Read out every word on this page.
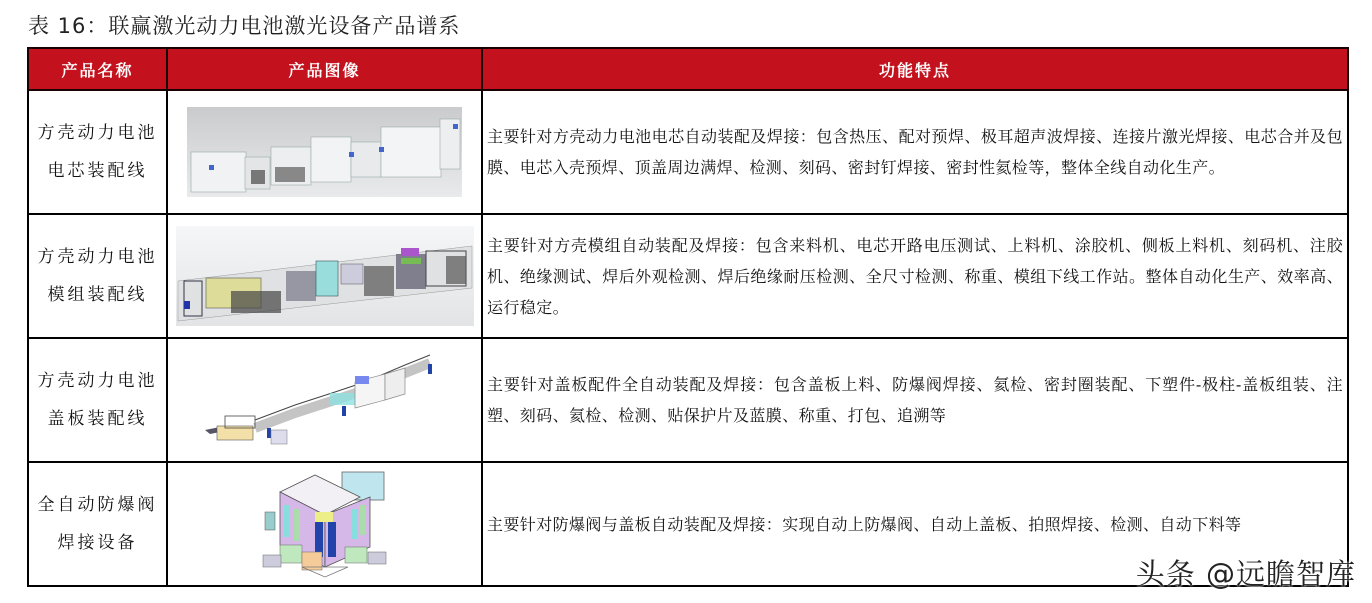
表 16：联赢激光动力电池激光设备产品谱系
产品名称	产品图像	功能特点

方壳动力电池
电芯装配线		主要针对方壳动力电池电芯自动装配及焊接：包含热压、配对预焊、极耳超声波焊接、连接片激光焊接、电芯合并及包膜、电芯入壳预焊、顶盖周边满焊、检测、刻码、密封钉焊接、密封性氦检等，整体全线自动化生产。

方壳动力电池
模组装配线		主要针对方壳模组自动装配及焊接：包含来料机、电芯开路电压测试、上料机、涂胶机、侧板上料机、刻码机、注胶机、绝缘测试、焊后外观检测、焊后绝缘耐压检测、全尺寸检测、称重、模组下线工作站。整体自动化生产、效率高、运行稳定。

方壳动力电池
盖板装配线		主要针对盖板配件全自动装配及焊接：包含盖板上料、防爆阀焊接、氦检、密封圈装配、下塑件-极柱-盖板组装、注塑、刻码、氦检、检测、贴保护片及蓝膜、称重、打包、追溯等

全自动防爆阀
焊接设备		主要针对防爆阀与盖板自动装配及焊接：实现自动上防爆阀、自动上盖板、拍照焊接、检测、自动下料等
头条 @远瞻智库
